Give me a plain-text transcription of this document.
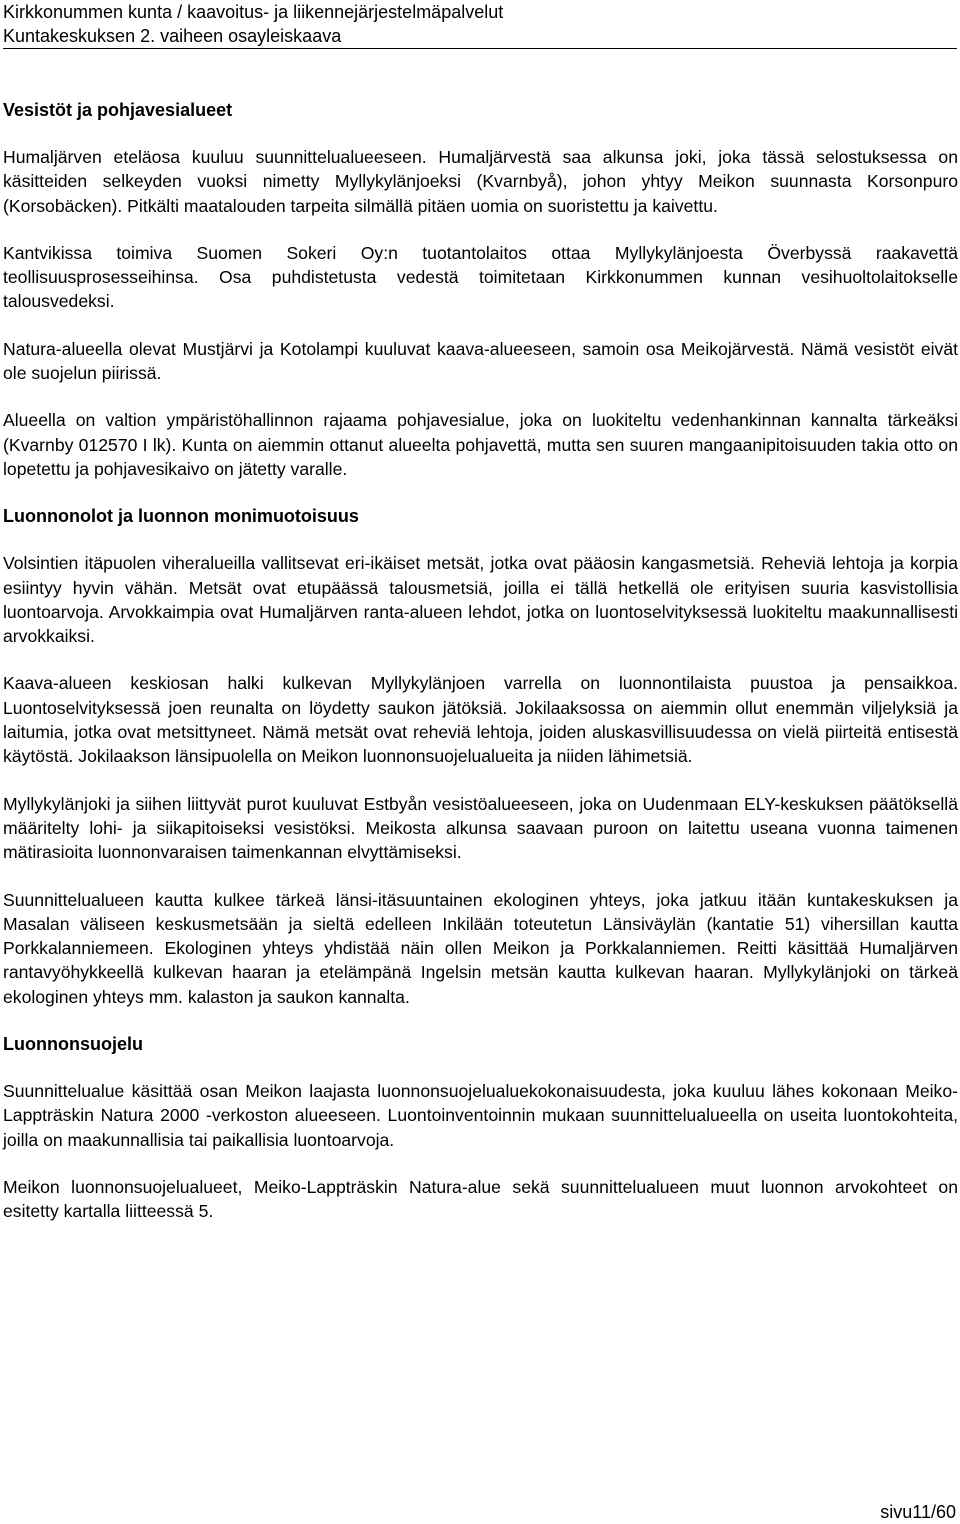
Kirkkonummen kunta / kaavoitus- ja liikennejärjestelmäpalvelut
Kuntakeskuksen 2. vaiheen osayleiskaava
Vesistöt ja pohjavesialueet

Humaljärven eteläosa kuuluu suunnittelualueeseen. Humaljärvestä saa alkunsa joki, joka tässä selostuksessa on käsitteiden selkeyden vuoksi nimetty Myllykylänjoeksi (Kvarnbyå), johon yhtyy Meikon suunnasta Korsonpuro (Korsobäcken). Pitkälti maatalouden tarpeita silmällä pitäen uomia on suoristettu ja kaivettu.

Kantvikissa toimiva Suomen Sokeri Oy:n tuotantolaitos ottaa Myllykylänjoesta Överbyssä raakavettä teollisuusprosesseihinsa. Osa puhdistetusta vedestä toimitetaan Kirkkonummen kunnan vesihuoltolaitokselle talousvedeksi.

Natura-alueella olevat Mustjärvi ja Kotolampi kuuluvat kaava-alueeseen, samoin osa Meikojärvestä. Nämä vesistöt eivät ole suojelun piirissä.

Alueella on valtion ympäristöhallinnon rajaama pohjavesialue, joka on luokiteltu vedenhankinnan kannalta tärkeäksi (Kvarnby 012570 I lk). Kunta on aiemmin ottanut alueelta pohjavettä, mutta sen suuren mangaanipitoisuuden takia otto on lopetettu ja pohjavesikaivo on jätetty varalle.

Luonnonolot ja luonnon monimuotoisuus

Volsintien itäpuolen viheralueilla vallitsevat eri-ikäiset metsät, jotka ovat pääosin kangasmetsiä. Reheviä lehtoja ja korpia esiintyy hyvin vähän. Metsät ovat etupäässä talousmetsiä, joilla ei tällä hetkellä ole erityisen suuria kasvistollisia luontoarvoja. Arvokkaimpia ovat Humaljärven ranta-alueen lehdot, jotka on luontoselvityksessä luokiteltu maakunnallisesti arvokkaiksi.

Kaava-alueen keskiosan halki kulkevan Myllykylänjoen varrella on luonnontilaista puustoa ja pensaikkoa. Luontoselvityksessä joen reunalta on löydetty saukon jätöksiä. Jokilaaksossa on aiemmin ollut enemmän viljelyksiä ja laitumia, jotka ovat metsittyneet. Nämä metsät ovat reheviä lehtoja, joiden aluskasvillisuudessa on vielä piirteitä entisestä käytöstä. Jokilaakson länsipuolella on Meikon luonnonsuojelualueita ja niiden lähimetsiä.

Myllykylänjoki ja siihen liittyvät purot kuuluvat Estbyån vesistöalueeseen, joka on Uudenmaan ELY-keskuksen päätöksellä määritelty lohi- ja siikapitoiseksi vesistöksi. Meikosta alkunsa saavaan puroon on laitettu useana vuonna taimenen mätirasioita luonnonvaraisen taimenkannan elvyttämiseksi.

Suunnittelualueen kautta kulkee tärkeä länsi-itäsuuntainen ekologinen yhteys, joka jatkuu itään kuntakeskuksen ja Masalan väliseen keskusmetsään ja sieltä edelleen Inkilään toteutetun Länsiväylän (kantatie 51) vihersillan kautta Porkkalanniemeen. Ekologinen yhteys yhdistää näin ollen Meikon ja Porkkalanniemen. Reitti käsittää Humaljärven rantavyöhykkeellä kulkevan haaran ja etelämpänä Ingelsin metsän kautta kulkevan haaran. Myllykylänjoki on tärkeä ekologinen yhteys mm. kalaston ja saukon kannalta.

Luonnonsuojelu

Suunnittelualue käsittää osan Meikon laajasta luonnonsuojelualuekokonaisuudesta, joka kuuluu lähes kokonaan Meiko-Lappträskin Natura 2000 -verkoston alueeseen. Luontoinventoinnin mukaan suunnittelualueella on useita luontokohteita, joilla on maakunnallisia tai paikallisia luontoarvoja.

Meikon luonnonsuojelualueet, Meiko-Lappträskin Natura-alue sekä suunnittelualueen muut luonnon arvokohteet on esitetty kartalla liitteessä 5.

sivu11/60
